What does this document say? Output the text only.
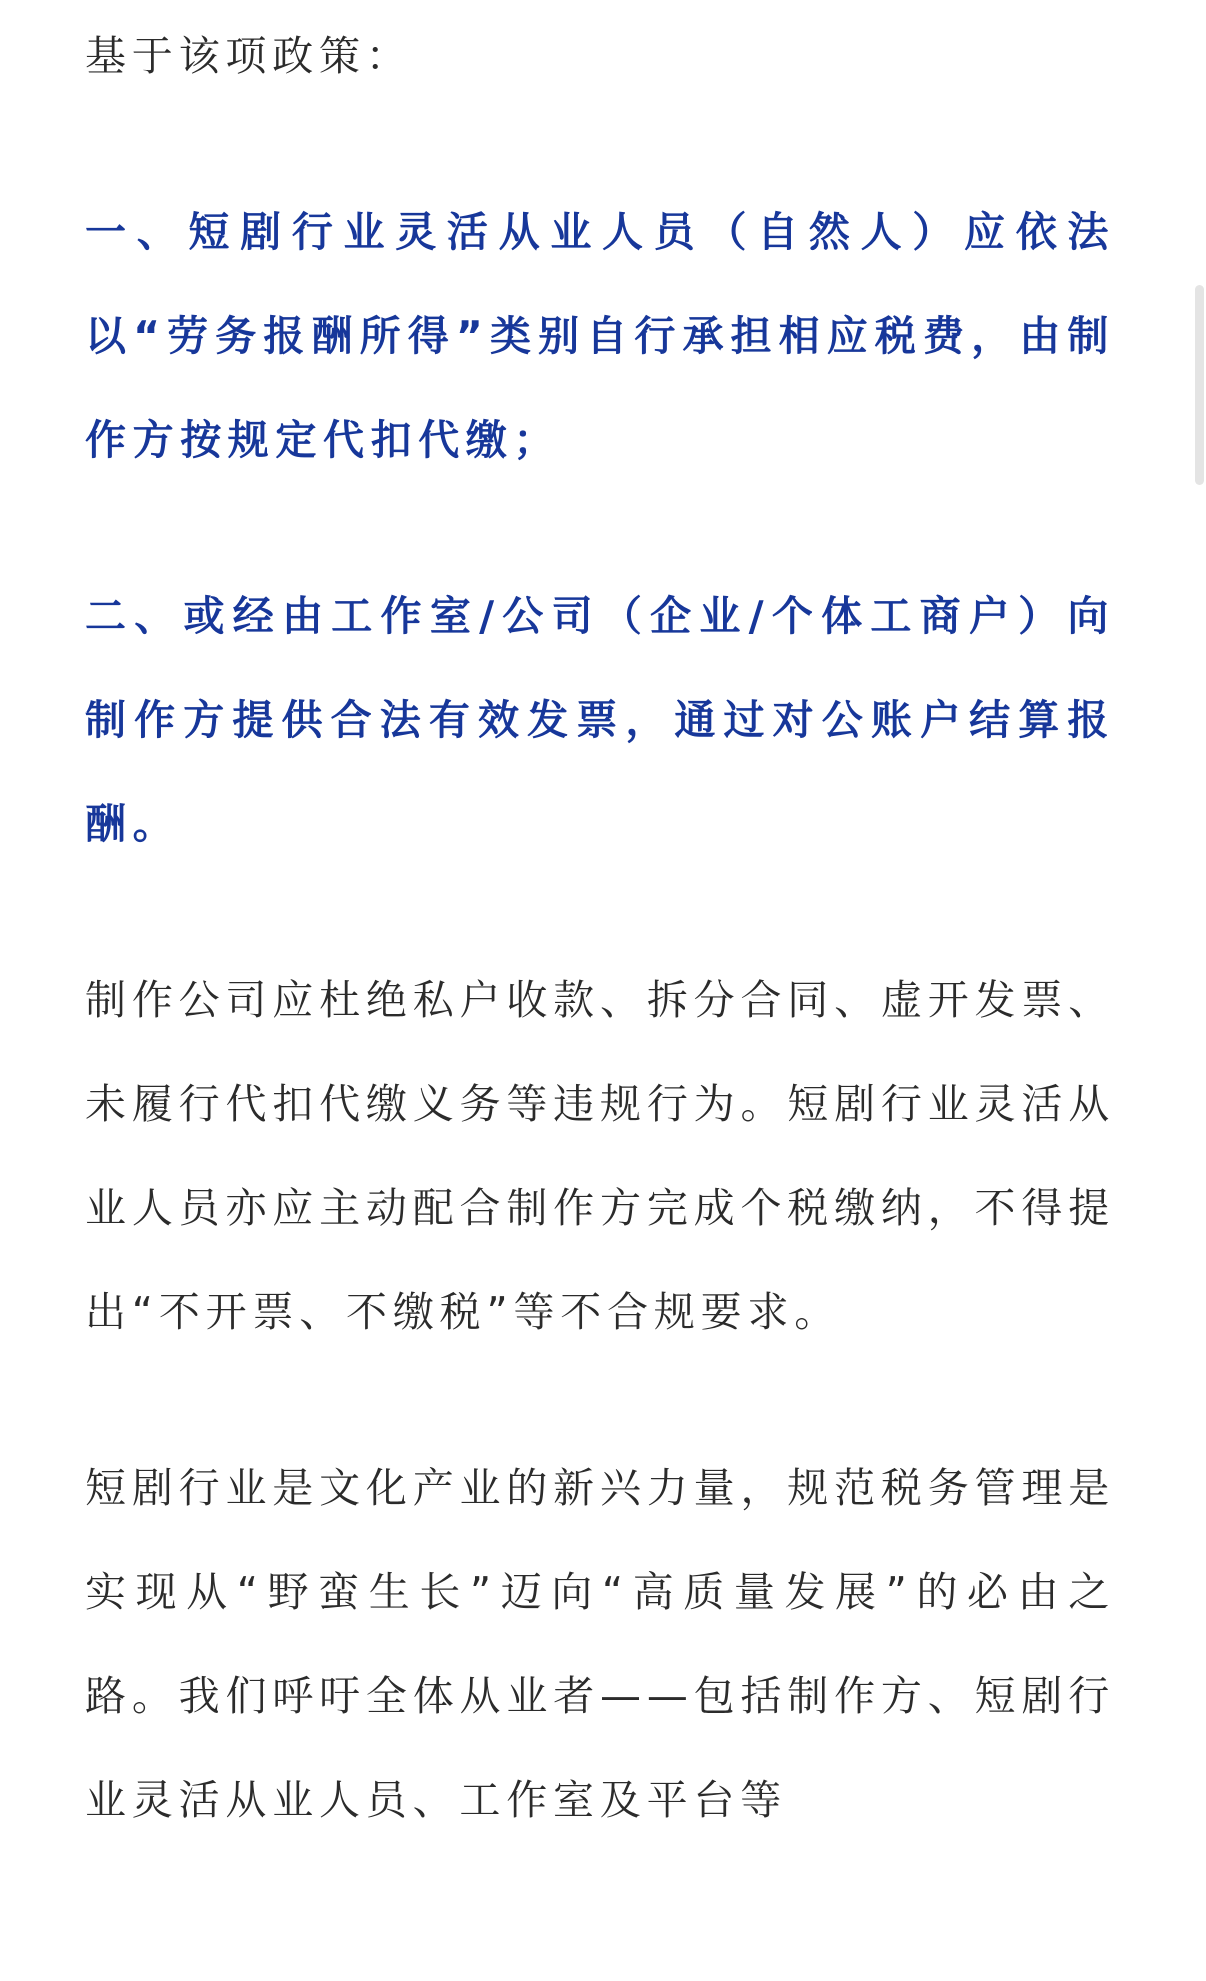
基于该项政策：

一、短剧行业灵活从业人员（自然人）应依法以“劳务报酬所得”类别自行承担相应税费，由制作方按规定代扣代缴；

二、或经由工作室/公司（企业/个体工商户）向制作方提供合法有效发票，通过对公账户结算报酬。

制作公司应杜绝私户收款、拆分合同、虚开发票、未履行代扣代缴义务等违规行为。短剧行业灵活从业人员亦应主动配合制作方完成个税缴纳，不得提出“不开票、不缴税”等不合规要求。

短剧行业是文化产业的新兴力量，规范税务管理是实现从“野蛮生长”迈向“高质量发展”的必由之路。我们呼吁全体从业者——包括制作方、短剧行业灵活从业人员、工作室及平台等
